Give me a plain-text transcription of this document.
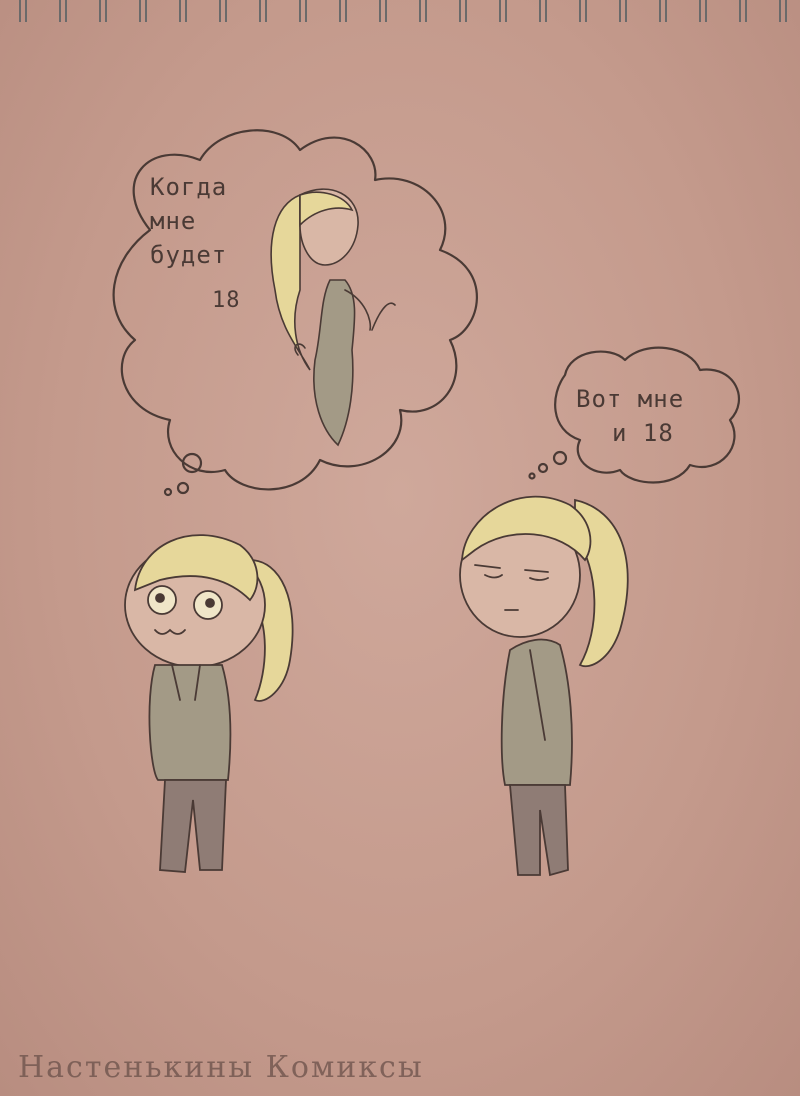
Когда
мне
будет
18
Вот мне
и 18
Настенькины Комиксы
